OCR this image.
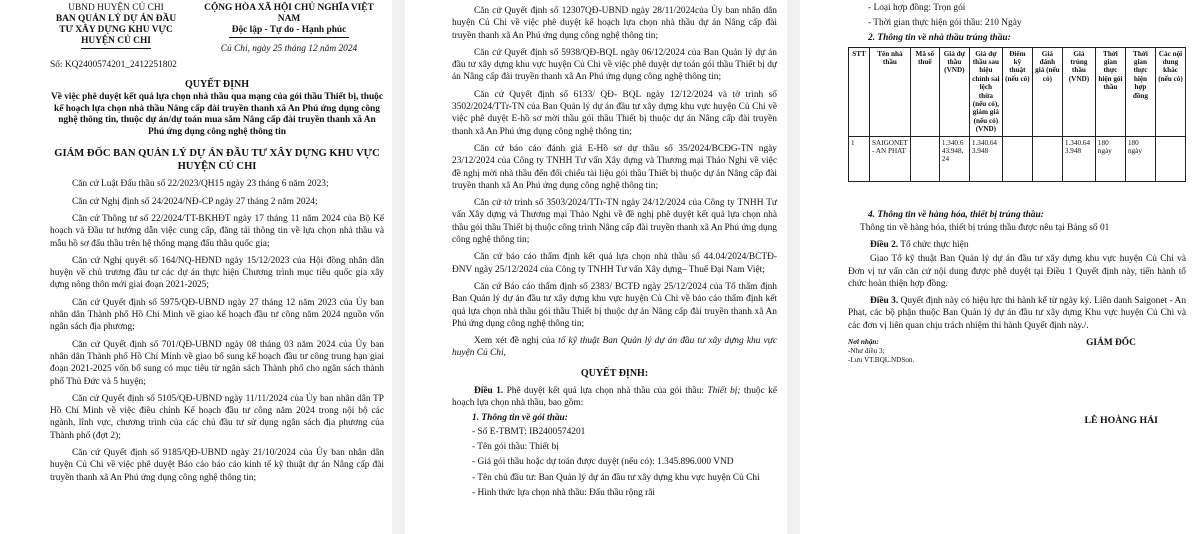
UBND HUYỆN CỦ CHI
BAN QUẢN LÝ DỰ ÁN ĐẦU
TƯ XÂY DỰNG KHU VỰC
HUYỆN CỦ CHI
CỘNG HÒA XÃ HỘI CHỦ NGHĨA VIỆT NAM
Độc lập - Tự do - Hạnh phúc
Củ Chi, ngày 25 tháng 12 năm 2024
Số: KQ2400574201_2412251802
QUYẾT ĐỊNH
Về việc phê duyệt kết quả lựa chọn nhà thầu qua mạng của gói thầu Thiết bị, thuộc kế hoạch lựa chọn nhà thầu Nâng cấp đài truyền thanh xã An Phú ứng dụng công nghệ thông tin, thuộc dự án/dự toán mua sắm Nâng cấp đài truyền thanh xã An Phú ứng dụng công nghệ thông tin
GIÁM ĐỐC BAN QUẢN LÝ DỰ ÁN ĐẦU TƯ XÂY DỰNG KHU VỰC HUYỆN CỦ CHI

Căn cứ Luật Đấu thầu số 22/2023/QH15 ngày 23 tháng 6 năm 2023;

Căn cứ Nghị định số 24/2024/NĐ-CP ngày 27 tháng 2 năm 2024;

Căn cứ Thông tư số 22/2024/TT-BKHĐT ngày 17 tháng 11 năm 2024 của Bộ Kế hoạch và Đầu tư hướng dẫn việc cung cấp, đăng tải thông tin về lựa chọn nhà thầu và mẫu hồ sơ đấu thầu trên hệ thống mạng đấu thầu quốc gia;

Căn cứ Nghị quyết số 164/NQ-HĐND ngày 15/12/2023 của Hội đồng nhân dân huyện về chủ trương đầu tư các dự án thực hiện Chương trình mục tiêu quốc gia xây dựng nông thôn mới giai đoạn 2021-2025;

Căn cứ Quyết định số 5975/QĐ-UBND ngày 27 tháng 12 năm 2023 của Ủy ban nhân dân Thành phố Hồ Chí Minh về giao kế hoạch đầu tư công năm 2024 nguồn vốn ngân sách địa phương;

Căn cứ Quyết định số 701/QĐ-UBND ngày 08 tháng 03 năm 2024 của Ủy ban nhân dân Thành phố Hồ Chí Minh về giao bổ sung kế hoạch đầu tư công trung hạn giai đoạn 2021-2025 vốn bổ sung có mục tiêu từ ngân sách Thành phố cho ngân sách thành phố Thủ Đức và 5 huyện;

Căn cứ Quyết định số 5105/QĐ-UBND ngày 11/11/2024 của Ủy ban nhân dân TP Hồ Chí Minh về việc điều chỉnh Kế hoạch đầu tư công năm 2024 trong nội bộ các ngành, lĩnh vực, chương trình của các chủ đầu tư sử dụng ngân sách địa phương của Thành phố (đợt 2);

Căn cứ Quyết định số 9185/QĐ-UBND ngày 21/10/2024 của Ủy ban nhân dân huyện Củ Chi về việc phê duyệt Báo cáo báo cáo kinh tế kỹ thuật dự án Nâng cấp đài truyền thanh xã An Phú ứng dụng công nghệ thông tin;

Căn cứ Quyết định số 12307QĐ-UBND ngày 28/11/2024của Ủy ban nhân dân huyện Củ Chi về việc phê duyệt kế hoạch lựa chọn nhà thầu dự án Nâng cấp đài truyền thanh xã An Phú ứng dụng công nghệ thông tin;

Căn cứ Quyết định số 5938/QĐ-BQL ngày 06/12/2024 của Ban Quản lý dự án đầu tư xây dựng khu vực huyện Củ Chi về việc phê duyệt dự toán gói thầu Thiết bị dự án Nâng cấp đài truyền thanh xã An Phú ứng dụng công nghệ thông tin;

Căn cứ Quyết định số 6133/ QĐ- BQL ngày 12/12/2024 và tờ trình số 3502/2024/TTr-TN của Ban Quản lý dự án đầu tư xây dựng khu vực huyện Củ Chi về việc phê duyệt E-hồ sơ mời thầu gói thầu Thiết bị thuộc dự án Nâng cấp đài truyền thanh xã An Phú ứng dụng công nghệ thông tin;

Căn cứ báo cáo đánh giá E-Hồ sơ dự thầu số 35/2024/BCĐG-TN ngày 23/12/2024 của Công ty TNHH Tư vấn Xây dựng và Thương mại Thảo Nghi về việc đề nghị mời nhà thầu đến đối chiếu tài liệu gói thầu Thiết bị thuộc dự án Nâng cấp đài truyền thanh xã An Phú ứng dụng công nghệ thông tin;

Căn cứ tờ trình số 3503/2024/TTr-TN ngày 24/12/2024 của Công ty TNHH Tư vấn Xây dựng và Thương mại Thảo Nghi về đề nghị phê duyệt kết quả lựa chọn nhà thầu gói thầu Thiết bị thuộc công trình Nâng cấp đài truyền thanh xã An Phú ứng dụng công nghệ thông tin;

Căn cứ báo cáo thẩm định kết quả lựa chọn nhà thầu số 44.04/2024/BCTĐ-ĐNV ngày 25/12/2024 của Công ty TNHH Tư vấn Xây dựng– Thuế Đại Nam Việt;

Căn cứ Báo cáo thẩm định số 2383/ BCTĐ ngày 25/12/2024 của Tổ thẩm định Ban Quản lý dự án đầu tư xây dựng khu vực huyện Củ Chi về báo cáo thẩm định kết quả lựa chọn nhà thầu gói thầu Thiết bị thuộc dự án Nâng cấp đài truyền thanh xã An Phú ứng dụng công nghệ thông tin;

Xem xét đề nghị của tổ kỹ thuật Ban Quản lý dự án đầu tư xây dựng khu vực huyện Củ Chi,

QUYẾT ĐỊNH:

Điều 1. Phê duyệt kết quả lựa chọn nhà thầu của gói thầu: Thiết bị; thuộc kế hoạch lựa chọn nhà thầu, bao gồm:

1. Thông tin về gói thầu:
- Số E-TBMT: IB2400574201
- Tên gói thầu: Thiết bị
- Giá gói thầu hoặc dự toán được duyệt (nếu có): 1.345.896.000 VND
- Tên chủ đầu tư: Ban Quản lý dự án đầu tư xây dựng khu vực huyện Củ Chi
- Hình thức lựa chọn nhà thầu: Đấu thầu rộng rãi
- Loại hợp đồng: Trọn gói
- Thời gian thực hiện gói thầu: 210 Ngày
2. Thông tin về nhà thầu trúng thầu:
STT	Tên nhà thầu	Mã số thuế	Giá dự thầu (VND)	Giá dự thầu sau hiệu chỉnh sai lệch thừa (nếu có), giảm giá (nếu có) (VND)	Điểm kỹ thuật (nếu có)	Giá đánh giá (nếu có)	Giá trúng thầu (VND)	Thời gian thực hiện gói thầu	Thời gian thực hiện hợp đồng	Các nội dung khác (nếu có)
1	SAIGONET - AN PHAT		1.340.643.948,24	1.340.643.948			1.340.643.948	180 ngày	180 ngày	
4. Thông tin về hàng hóa, thiết bị trúng thầu:

Thông tin về hàng hóa, thiết bị trúng thầu được nêu tại Bảng số 01

Điều 2. Tổ chức thực hiện

Giao Tổ kỹ thuật Ban Quản lý dự án đầu tư xây dựng khu vực huyện Củ Chi và Đơn vị tư vấn căn cứ nội dung được phê duyệt tại Điều 1 Quyết định này, tiến hành tổ chức hoàn thiện hợp đồng.

Điều 3. Quyết định này có hiệu lực thi hành kể từ ngày ký. Liên danh Saigonet - An Phat, các bộ phận thuộc Ban Quản lý dự án đầu tư xây dựng Khu vực huyện Củ Chi và các đơn vị liên quan chịu trách nhiệm thi hành Quyết định này./.

Nơi nhận:
-Như điều 3;
-Lưu VT.BQL.NDSon.
GIÁM ĐỐC
LÊ HOÀNG HẢI
